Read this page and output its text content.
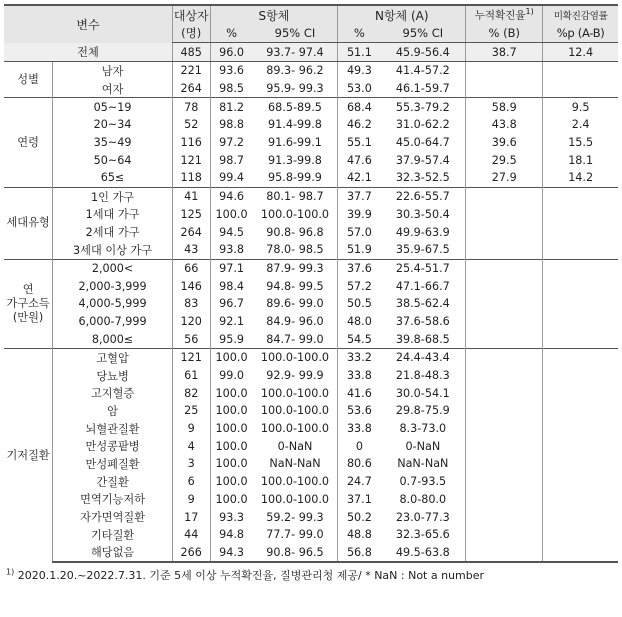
변수		대상자	S항체		N항체 (A)		누적확진율$^{1)}$	미확진감염률
		(명)	%	95% CI	%	95% CI	% (B)	%p (A-B)
전체		485	96.0	93.7- 97.4	51.1	45.9-56.4	38.7	12.4
성별	남자	221	93.6	89.3- 96.2	49.3	41.4-57.2		
	여자	264	98.5	95.9- 99.3	53.0	46.1-59.7		
연령	05~19	78	81.2	68.5-89.5	68.4	55.3-79.2	58.9	9.5
	20~34	52	98.8	91.4-99.8	46.2	31.0-62.2	43.8	2.4
	35~49	116	97.2	91.6-99.1	55.1	45.0-64.7	39.6	15.5
	50~64	121	98.7	91.3-99.8	47.6	37.9-57.4	29.5	18.1
	65≤	118	99.4	95.8-99.9	42.1	32.3-52.5	27.9	14.2
세대유형	1인 가구	41	94.6	80.1- 98.7	37.7	22.6-55.7		
	1세대 가구	125	100.0	100.0-100.0	39.9	30.3-50.4		
	2세대 가구	264	94.5	90.8- 96.8	57.0	49.9-63.9		
	3세대 이상 가구	43	93.8	78.0- 98.5	51.9	35.9-67.5		
연
가구소득
(만원)	2,000<	66	97.1	87.9- 99.3	37.6	25.4-51.7		
	2,000-3,999	146	98.4	94.8- 99.5	57.2	47.1-66.7		
	4,000-5,999	83	96.7	89.6- 99.0	50.5	38.5-62.4		
	6,000-7,999	120	92.1	84.9- 96.0	48.0	37.6-58.6		
	8,000≤	56	95.9	84.7- 99.0	54.5	39.8-68.5		
기저질환	고혈압	121	100.0	100.0-100.0	33.2	24.4-43.4		
	당뇨병	61	99.0	92.9- 99.9	33.8	21.8-48.3		
	고지혈증	82	100.0	100.0-100.0	41.6	30.0-54.1		
	암	25	100.0	100.0-100.0	53.6	29.8-75.9		
	뇌혈관질환	9	100.0	100.0-100.0	33.8	8.3-73.0		
	만성콩팥병	4	100.0	0-NaN	0	0-NaN		
	만성폐질환	3	100.0	NaN-NaN	80.6	NaN-NaN		
	간질환	6	100.0	100.0-100.0	24.7	0.7-93.5		
	면역기능저하	9	100.0	100.0-100.0	37.1	8.0-80.0		
	자가면역질환	17	93.3	59.2- 99.3	50.2	23.0-77.3		
	기타질환	44	94.8	77.7- 99.0	48.8	32.3-65.6		
	해당없음	266	94.3	90.8- 96.5	56.8	49.5-63.8		
$^{1)}$ 2020.1.20.~2022.7.31. 기준 5세 이상 누적확진율, 질병관리청 제공/ * NaN : Not a number
